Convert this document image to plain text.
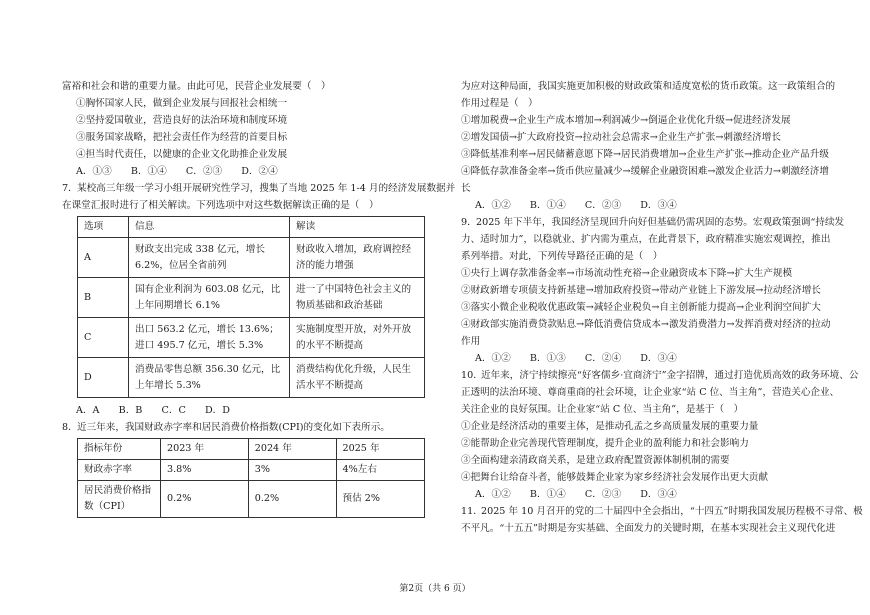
富裕和社会和谐的重要力量。由此可见，民营企业发展要（　）
①胸怀国家人民，做到企业发展与回报社会相统一
②坚持爱国敬业，营造良好的法治环境和制度环境
③服务国家战略，把社会责任作为经营的首要目标
④担当时代责任，以健康的企业文化助推企业发展
A．①③　　B．①④　　C．②③　　D．②④
7． 某校高三年级一学习小组开展研究性学习，搜集了当地 2025 年 1-4 月的经济发展数据并
在课堂汇报时进行了相关解读。下列选项中对这些数据解读正确的是（　）
选项	信息	解读
A	财政支出完成 338 亿元，增长 6.2%，位居全省前列	财政收入增加，政府调控经济的能力增强
B	国有企业利润为 603.08 亿元，比上年同期增长 6.1%	进一了中国特色社会主义的物质基础和政治基础
C	出口 563.2 亿元，增长 13.6%；进口 495.7 亿元，增长 5.3%	实施制度型开放，对外开放的水平不断提高
D	消费品零售总额 356.30 亿元，比上年增长 5.3%	消费结构优化升级，人民生活水平不断提高
A．A　　B．B　　C．C　　D．D
8． 近三年来，我国财政赤字率和居民消费价格指数(CPI)的变化如下表所示。
指标年份	2023 年	2024 年	2025 年
财政赤字率	3.8%	3%	4%左右
居民消费价格指数（CPI）	0.2%	0.2%	预估 2%
为应对这种局面，我国实施更加积极的财政政策和适度宽松的货币政策。这一政策组合的
作用过程是（　）
①增加税费→企业生产成本增加→利润减少→倒逼企业优化升级→促进经济发展
②增发国债→扩大政府投资→拉动社会总需求→企业生产扩张→刺激经济增长
③降低基准利率→居民储蓄意愿下降→居民消费增加→企业生产扩张→推动企业产品升级
④降低存款准备金率→货币供应量减少→缓解企业融资困难→激发企业活力→刺激经济增
长
A．①②　　B．①④　　C．②③　　D．③④
9． 2025 年下半年，我国经济呈现回升向好但基础仍需巩固的态势。宏观政策强调“持续发
力、适时加力”，以稳就业、扩内需为重点，在此背景下，政府精准实施宏观调控，推出
系列举措。对此，下列传导路径正确的是（　）
①央行上调存款准备金率→市场流动性充裕→企业融资成本下降→扩大生产规模
②财政新增专项债支持新基建→增加政府投资→带动产业链上下游发展→拉动经济增长
③落实小微企业税收优惠政策→减轻企业税负→自主创新能力提高→企业利润空间扩大
④财政部实施消费贷款贴息→降低消费信贷成本→激发消费潜力→发挥消费对经济的拉动
作用
A．①②　　B．①③　　C．②④　　D．③④
10．
近年来，济宁持续擦亮“好客儒乡·宜商济宁”金字招牌，通过打造优质高效的政务环境、公
正透明的法治环境、尊商重商的社会环境，让企业家“站 C 位、当主角”，营造关心企业、
关注企业的良好氛围。让企业家“站 C 位、当主角”，是基于（　）
①企业是经济活动的重要主体，是推动孔孟之乡高质量发展的重要力量
②能帮助企业完善现代管理制度，提升企业的盈利能力和社会影响力
③全面构建亲清政商关系，是建立政府配置资源体制机制的需要
④把舞台让给奋斗者，能够鼓舞企业家为家乡经济社会发展作出更大贡献
A．①②　　B．①④　　C．②③　　D．③④
11．
2025 年 10 月召开的党的二十届四中全会指出，“十四五”时期我国发展历程极不寻常、极
不平凡。“十五五”时期是夯实基础、全面发力的关键时期，在基本实现社会主义现代化进
第2页（共 6 页）
